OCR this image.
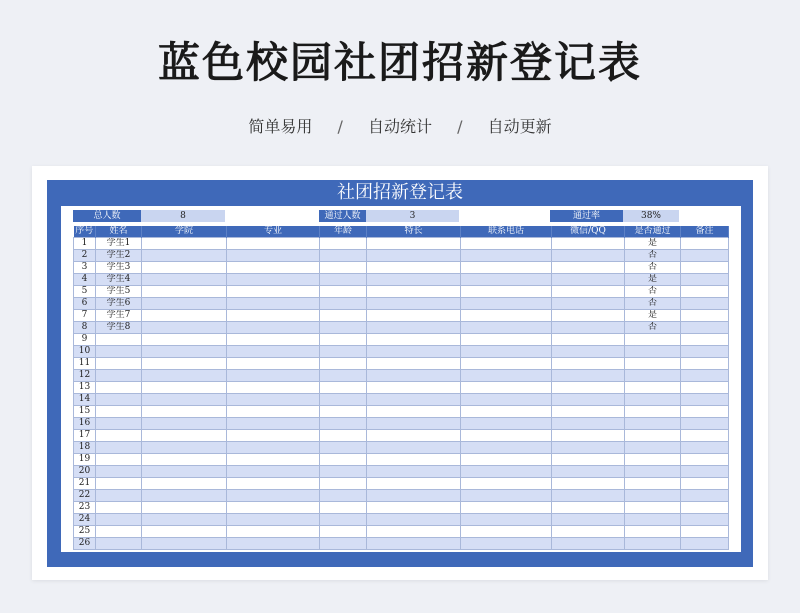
蓝色校园社团招新登记表
简单易用 / 自动统计 / 自动更新
社团招新登记表
总人数	8	通过人数	3	通过率	38%
序号	姓名	学院	专业	年龄	特长	联系电话	微信/QQ	是否通过	备注
1	学生1							是	
2	学生2							否	
3	学生3							否	
4	学生4							是	
5	学生5							否	
6	学生6							否	
7	学生7							是	
8	学生8							否	
9									
10									
11									
12									
13									
14									
15									
16									
17									
18									
19									
20									
21									
22									
23									
24									
25									
26									
